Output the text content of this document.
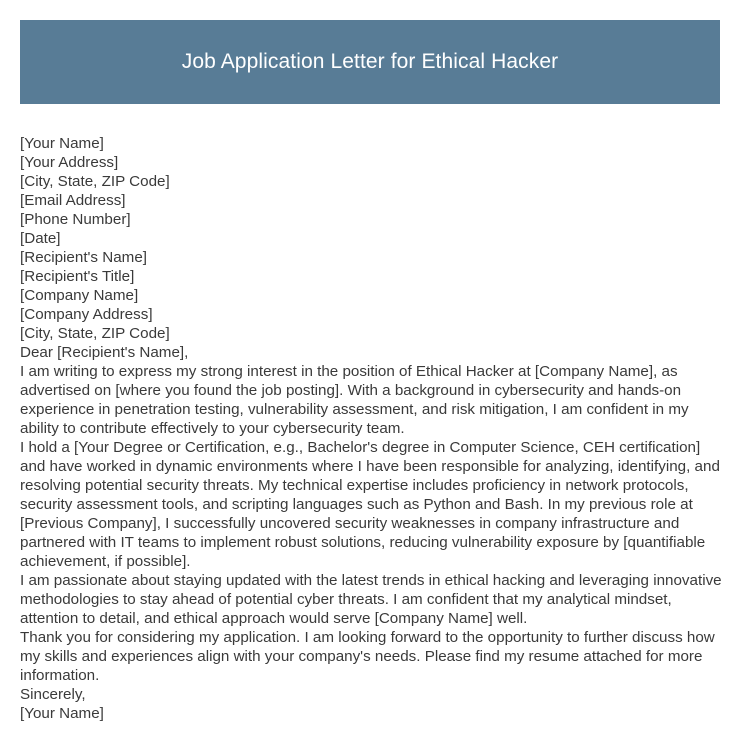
Job Application Letter for Ethical Hacker
[Your Name]
[Your Address]
[City, State, ZIP Code]
[Email Address]
[Phone Number]
[Date]
[Recipient's Name]
[Recipient's Title]
[Company Name]
[Company Address]
[City, State, ZIP Code]
Dear [Recipient's Name],
I am writing to express my strong interest in the position of Ethical Hacker at [Company Name], as advertised on [where you found the job posting]. With a background in cybersecurity and hands-on experience in penetration testing, vulnerability assessment, and risk mitigation, I am confident in my ability to contribute effectively to your cybersecurity team.
I hold a [Your Degree or Certification, e.g., Bachelor's degree in Computer Science, CEH certification] and have worked in dynamic environments where I have been responsible for analyzing, identifying, and resolving potential security threats. My technical expertise includes proficiency in network protocols, security assessment tools, and scripting languages such as Python and Bash. In my previous role at [Previous Company], I successfully uncovered security weaknesses in company infrastructure and partnered with IT teams to implement robust solutions, reducing vulnerability exposure by [quantifiable achievement, if possible].
I am passionate about staying updated with the latest trends in ethical hacking and leveraging innovative methodologies to stay ahead of potential cyber threats. I am confident that my analytical mindset, attention to detail, and ethical approach would serve [Company Name] well.
Thank you for considering my application. I am looking forward to the opportunity to further discuss how my skills and experiences align with your company's needs. Please find my resume attached for more information.
Sincerely,
[Your Name]
